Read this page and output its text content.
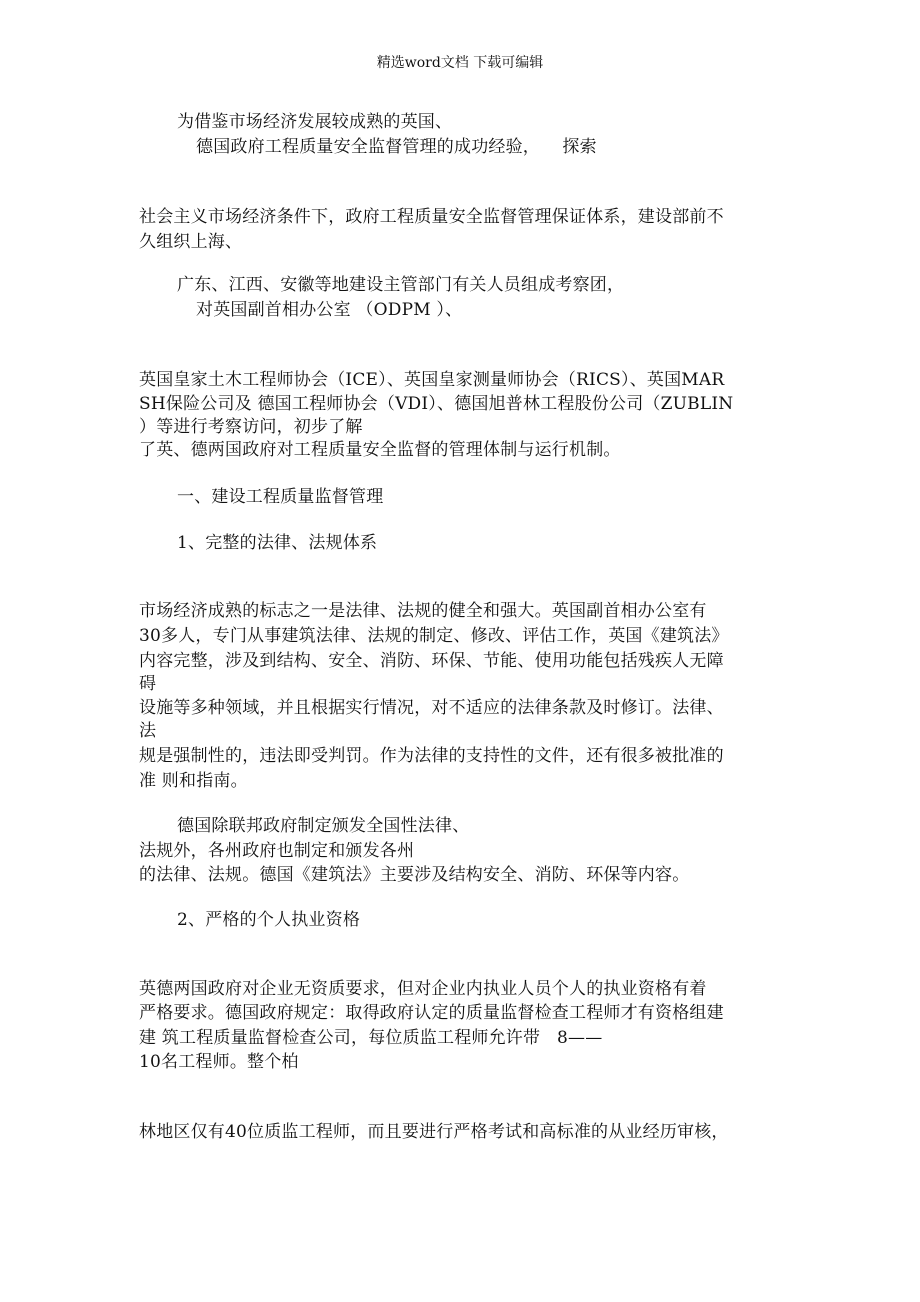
精选word文档 下载可编辑
为借鉴市场经济发展较成熟的英国、
德国政府工程质量安全监督管理的成功经验，    探索
社会主义市场经济条件下，政府工程质量安全监督管理保证体系，建设部前不
久组织上海、
广东、江西、安徽等地建设主管部门有关人员组成考察团，
对英国副首相办公室 （ODPM ）、
英国皇家土木工程师协会（ICE）、英国皇家测量师协会（RICS）、英国MAR
SH保险公司及 德国工程师协会（VDI）、德国旭普林工程股份公司（ZUBLIN
）等进行考察访问，初步了解
了英、德两国政府对工程质量安全监督的管理体制与运行机制。
一、建设工程质量监督管理
1、完整的法律、法规体系
市场经济成熟的标志之一是法律、法规的健全和强大。英国副首相办公室有
30多人，专门从事建筑法律、法规的制定、修改、评估工作，英国《建筑法》
内容完整，涉及到结构、安全、消防、环保、节能、使用功能包括残疾人无障
碍
设施等多种领域，并且根据实行情况，对不适应的法律条款及时修订。法律、
法
规是强制性的，违法即受判罚。作为法律的支持性的文件，还有很多被批准的
准 则和指南。
德国除联邦政府制定颁发全国性法律、
法规外，各州政府也制定和颁发各州
的法律、法规。德国《建筑法》主要涉及结构安全、消防、环保等内容。
2、严格的个人执业资格
英德两国政府对企业无资质要求，但对企业内执业人员个人的执业资格有着
严格要求。德国政府规定：取得政府认定的质量监督检查工程师才有资格组建
建 筑工程质量监督检查公司，每位质监工程师允许带   8——
10名工程师。整个柏
林地区仅有40位质监工程师，而且要进行严格考试和高标准的从业经历审核，
